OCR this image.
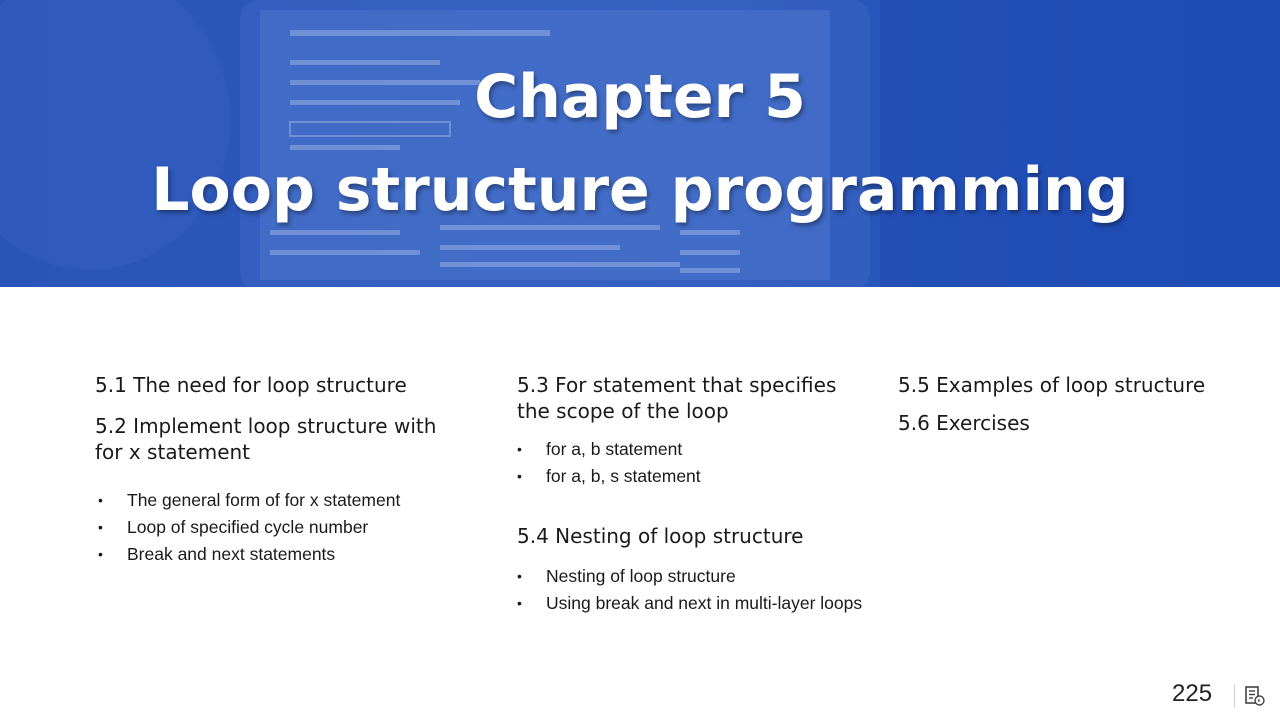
Chapter 5
Loop structure programming
5.1 The need for loop structure
5.2 Implement loop structure with for x statement
• The general form of for x statement
• Loop of specified cycle number
• Break and next statements
5.3 For statement that specifies the scope of the loop
• for a, b statement
• for a, b, s statement
5.4 Nesting of loop structure
• Nesting of loop structure
• Using break and next in multi-layer loops
5.5 Examples of loop structure
5.6 Exercises
225
